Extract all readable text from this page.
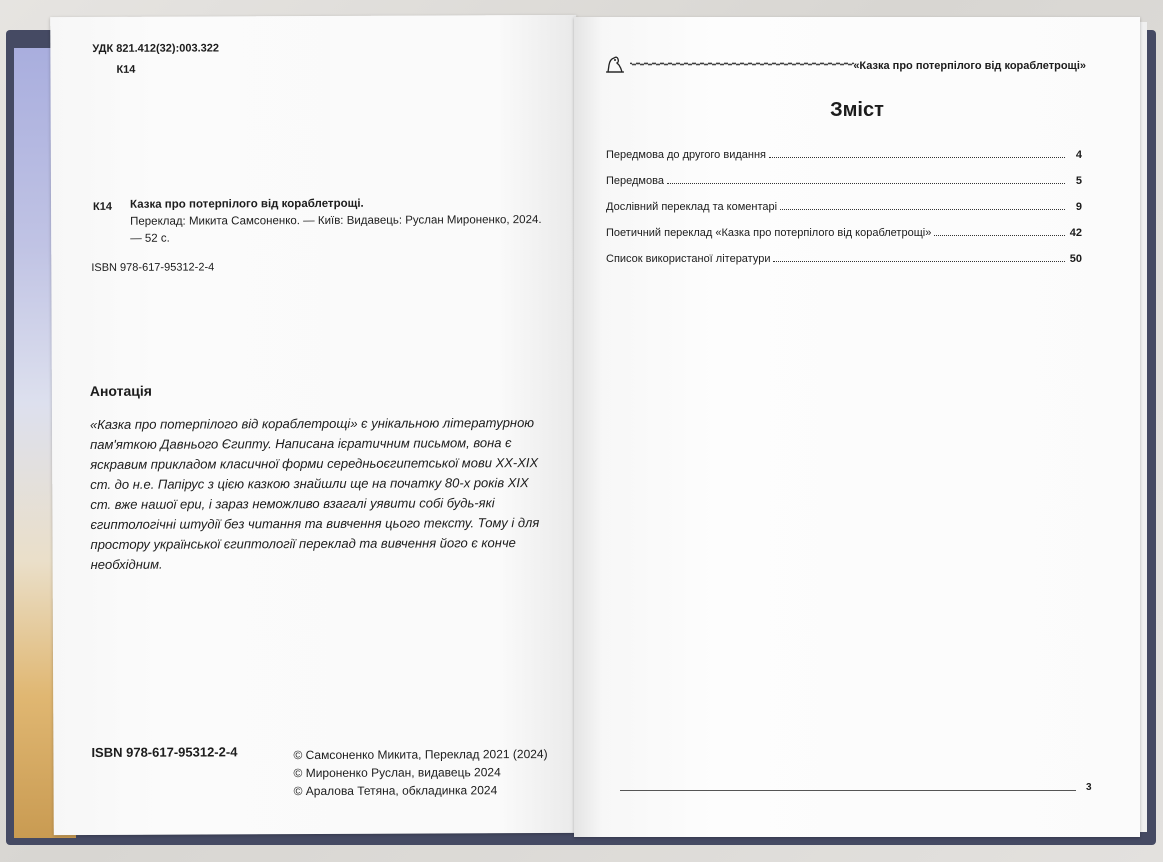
УДК 821.412(32):003.322
К14
К14 Казка про потерпілого від кораблетрощі.
Переклад: Микита Самсоненко. — Київ: Видавець: Руслан Мироненко, 2024. — 52 с.
ISBN 978-617-95312-2-4
Анотація
«Казка про потерпілого від кораблетрощі» є унікальною літературною пам'яткою Давнього Єгипту. Написана ієратичним письмом, вона є яскравим прикладом класичної форми середньоєгипетської мови XX-XIX ст. до н.е. Папірус з цією казкою знайшли ще на початку 80-х років XIX ст. вже нашої ери, і зараз неможливо взагалі уявити собі будь-які єгиптологічні штудії без читання та вивчення цього тексту. Тому і для простору української єгиптології переклад та вивчення його є конче необхідним.
ISBN 978-617-95312-2-4	© Самсоненко Микита, Переклад 2021 (2024)
© Мироненко Руслан, видавець 2024
© Аралова Тетяна, обкладинка 2024
«Казка про потерпілого від кораблетрощі»
Зміст
Передмова до другого видання	4
Передмова	5
Дослівний переклад та коментарі	9
Поетичний переклад «Казка про потерпілого від кораблетрощі»	42
Список використаної літератури	50
3
